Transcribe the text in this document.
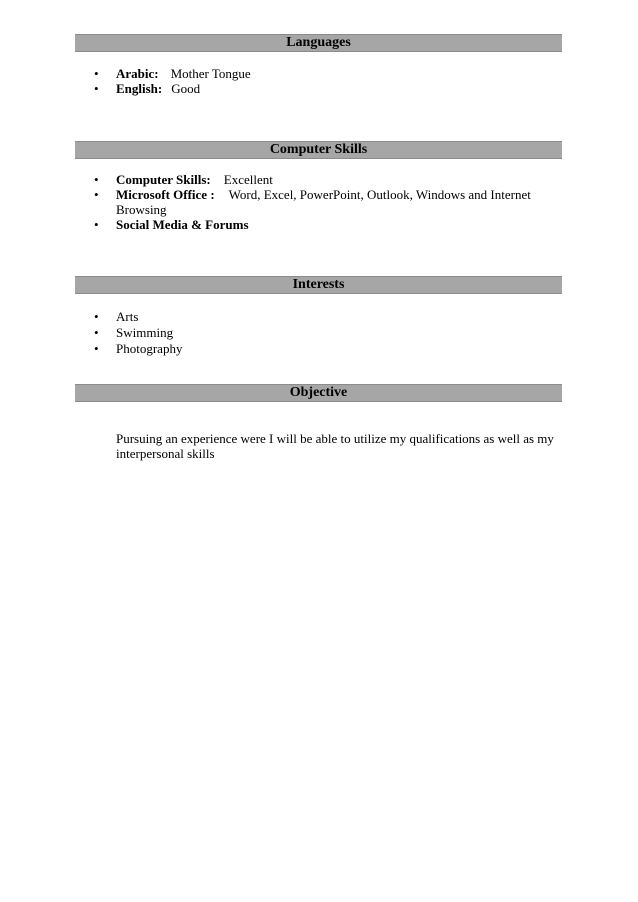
Languages
• Arabic: Mother Tongue
• English: Good
Computer Skills
• Computer Skills: Excellent
• Microsoft Office : Word, Excel, PowerPoint, Outlook, Windows and Internet Browsing
• Social Media & Forums
Interests
• Arts
• Swimming
• Photography
Objective
Pursuing an experience were I will be able to utilize my qualifications as well as my interpersonal skills
